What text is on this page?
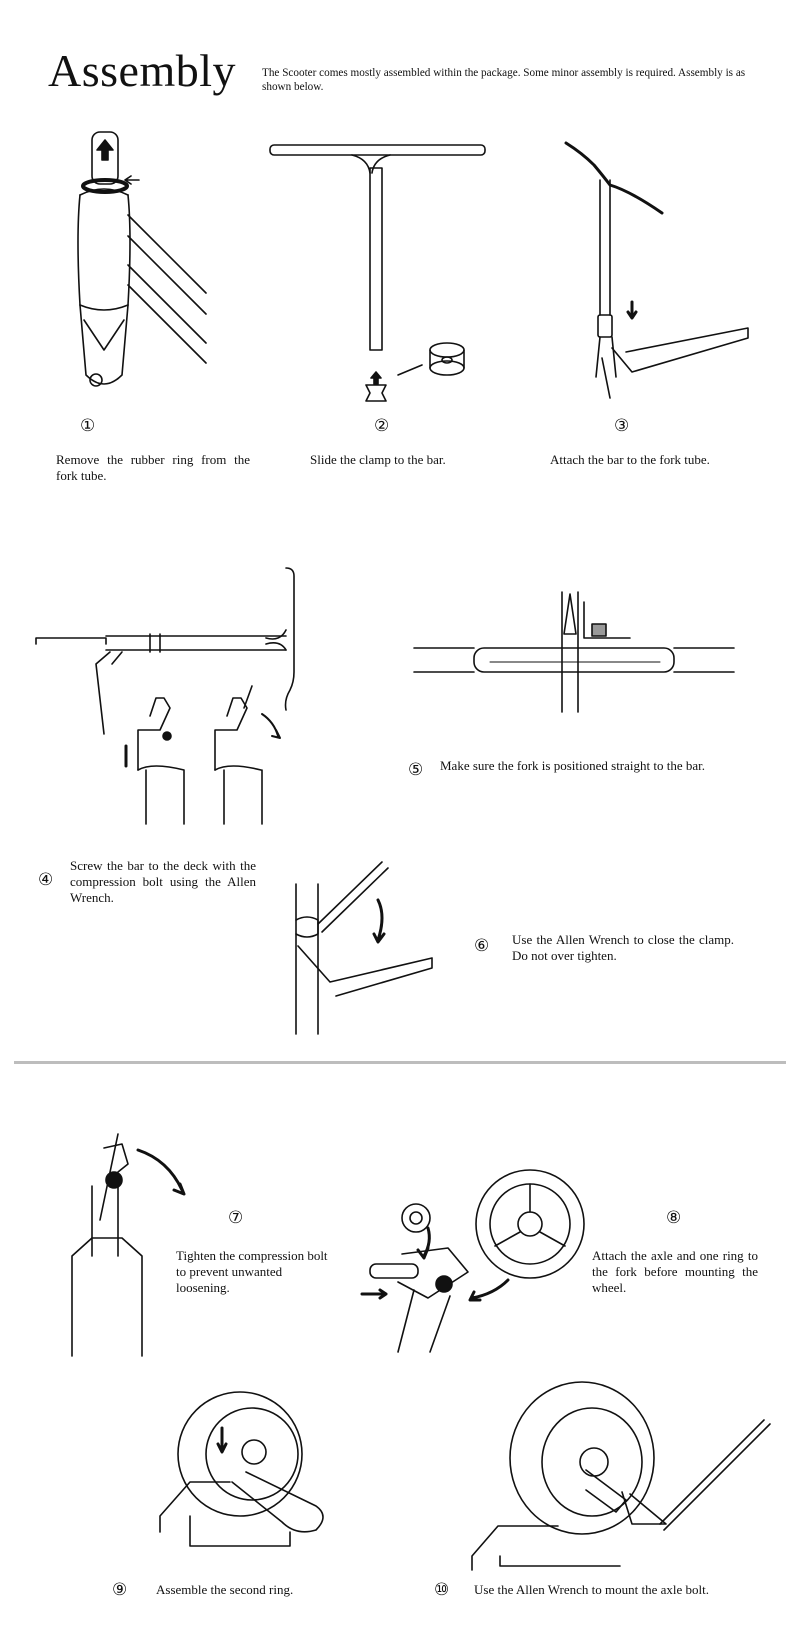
Assembly The Scooter comes mostly assembled within the package. Some minor assembly is required. Assembly is as shown below.
①
Remove the rubber ring from the fork tube.
②
Slide the clamp to the bar.
③
Attach the bar to the fork tube.
④
Screw the bar to the deck with the compression bolt using the Allen Wrench.
⑤ Make sure the fork is positioned straight to the bar.
⑥ Use the Allen Wrench to close the clamp. Do not over tighten.
⑦
Tighten the compression bolt to prevent unwanted loosening.
⑧
Attach the axle and one ring to the fork before mounting the wheel.
⑨ Assemble the second ring.	⑩ Use the Allen Wrench to mount the axle bolt.
